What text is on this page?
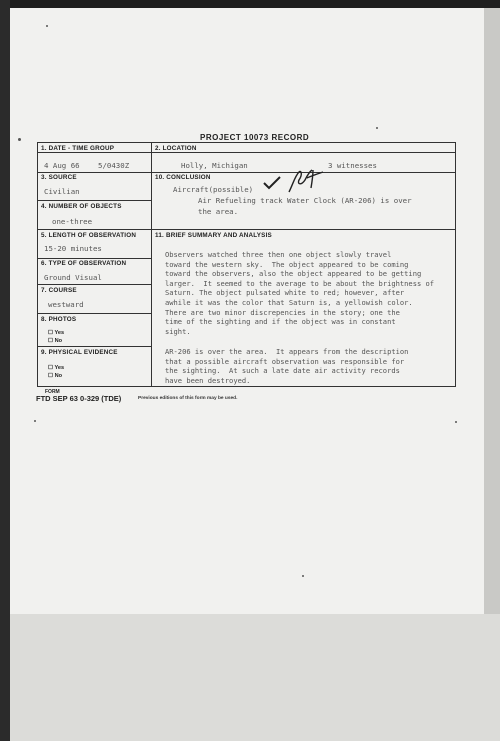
PROJECT 10073 RECORD
1. DATE - TIME GROUP
4 Aug 66 5/0430Z
2. LOCATION
Holly, Michigan	3 witnesses
3. SOURCE
Civilian
4. NUMBER OF OBJECTS
one-three
5. LENGTH OF OBSERVATION
15-20 minutes
6. TYPE OF OBSERVATION
Ground Visual
7. COURSE
westward
8. PHOTOS
☐ Yes
☐ No
9. PHYSICAL EVIDENCE
☐ Yes
☐ No
10. CONCLUSION
Aircraft(possible)
Air Refueling track Water Clock (AR-206) is over
the area.
11. BRIEF SUMMARY AND ANALYSIS
Observers watched three then one object slowly travel
toward the western sky.  The object appeared to be coming
toward the observers, also the object appeared to be getting
larger.  It seemed to the average to be about the brightness of
Saturn. The object pulsated white to red; however, after
awhile it was the color that Saturn is, a yellowish color.
There are two minor discrepencies in the story; one the
time of the sighting and if the object was in constant
sight.
AR-206 is over the area.  It appears from the description
that a possible aircraft observation was responsible for
the sighting.  At such a late date air activity records
have been destroyed.
FORM
FTD SEP 63 0-329 (TDE)	Previous editions of this form may be used.
